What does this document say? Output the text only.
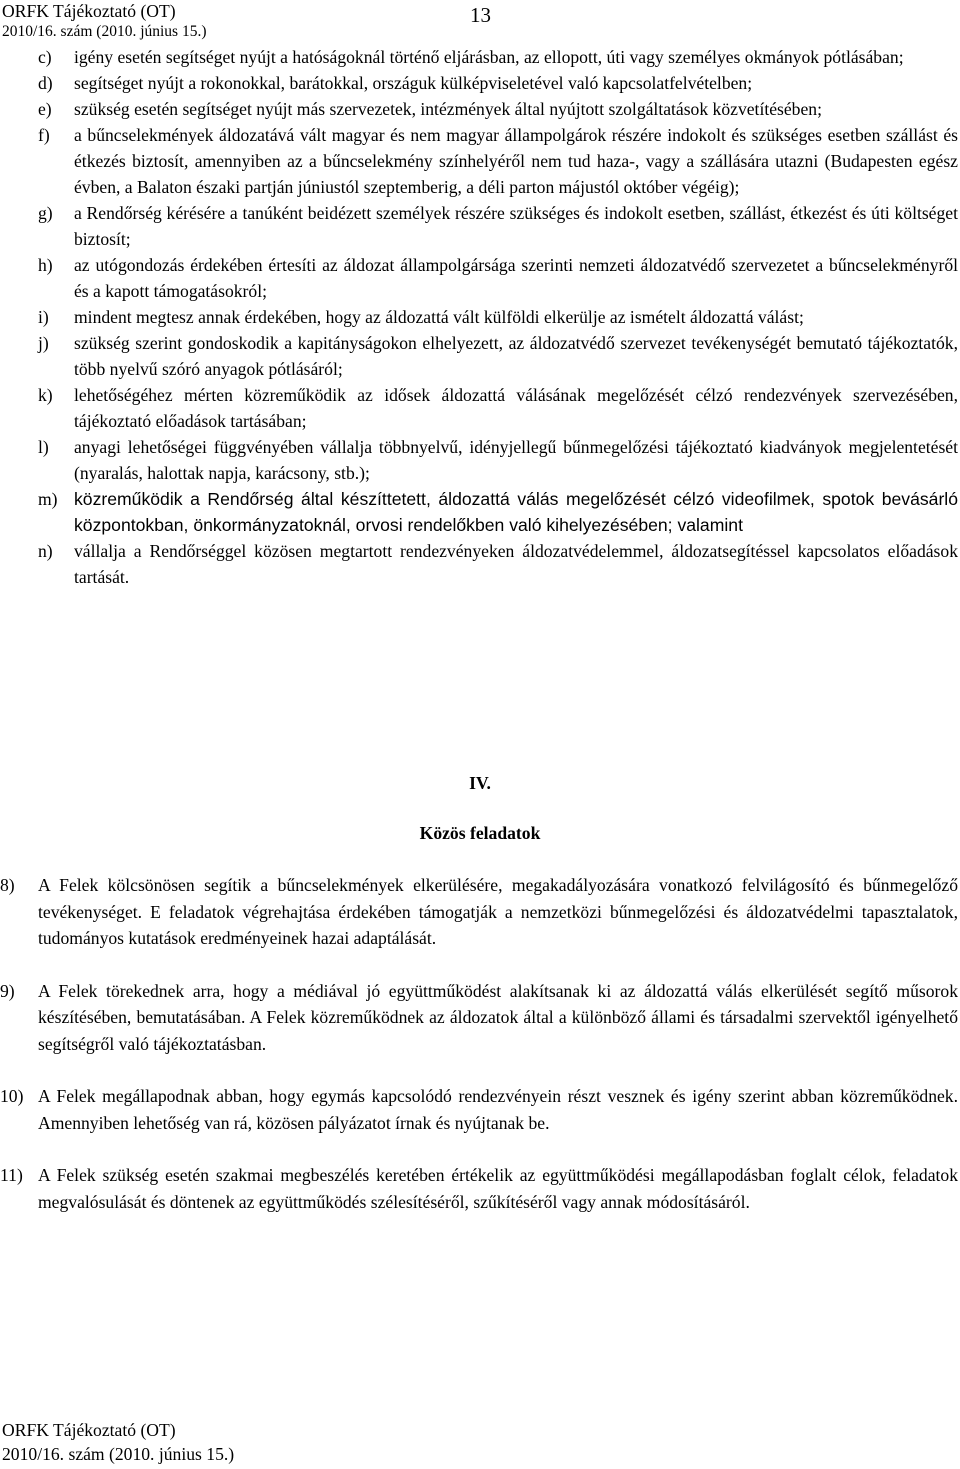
ORFK Tájékoztató (OT)
2010/16. szám (2010. június 15.)
13
c) igény esetén segítséget nyújt a hatóságoknál történő eljárásban, az ellopott, úti vagy személyes okmányok pótlásában;
d) segítséget nyújt a rokonokkal, barátokkal, országuk külképviseletével való kapcsolatfelvételben;
e) szükség esetén segítséget nyújt más szervezetek, intézmények által nyújtott szolgáltatások közvetítésében;
f) a bűncselekmények áldozatává vált magyar és nem magyar állampolgárok részére indokolt és szükséges esetben szállást és étkezés biztosít, amennyiben az a bűncselekmény színhelyéről nem tud haza-, vagy a szállására utazni (Budapesten egész évben, a Balaton északi partján júniustól szeptemberig, a déli parton májustól október végéig);
g) a Rendőrség kérésére a tanúként beidézett személyek részére szükséges és indokolt esetben, szállást, étkezést és úti költséget biztosít;
h) az utógondozás érdekében értesíti az áldozat állampolgársága szerinti nemzeti áldozatvédő szervezetet a bűncselekményről és a kapott támogatásokról;
i) mindent megtesz annak érdekében, hogy az áldozattá vált külföldi elkerülje az ismételt áldozattá válást;
j) szükség szerint gondoskodik a kapitányságokon elhelyezett, az áldozatvédő szervezet tevékenységét bemutató tájékoztatók, több nyelvű szóró anyagok pótlásáról;
k) lehetőségéhez mérten közreműködik az idősek áldozattá válásának megelőzését célzó rendezvények szervezésében, tájékoztató előadások tartásában;
l) anyagi lehetőségei függvényében vállalja többnyelvű, idényjellegű bűnmegelőzési tájékoztató kiadványok megjelentetését (nyaralás, halottak napja, karácsony, stb.);
m) közreműködik a Rendőrség által készíttetett, áldozattá válás megelőzését célzó videofilmek, spotok bevásárló központokban, önkormányzatoknál, orvosi rendelőkben való kihelyezésében; valamint
n) vállalja a Rendőrséggel közösen megtartott rendezvényeken áldozatvédelemmel, áldozatsegítéssel kapcsolatos előadások tartását.
IV.
Közös feladatok
8) A Felek kölcsönösen segítik a bűncselekmények elkerülésére, megakadályozására vonatkozó felvilágosító és bűnmegelőző tevékenységet. E feladatok végrehajtása érdekében támogatják a nemzetközi bűnmegelőzési és áldozatvédelmi tapasztalatok, tudományos kutatások eredményeinek hazai adaptálását.
9) A Felek törekednek arra, hogy a médiával jó együttműködést alakítsanak ki az áldozattá válás elkerülését segítő műsorok készítésében, bemutatásában. A Felek közreműködnek az áldozatok által a különböző állami és társadalmi szervektől igényelhető segítségről való tájékoztatásban.
10) A Felek megállapodnak abban, hogy egymás kapcsolódó rendezvényein részt vesznek és igény szerint abban közreműködnek. Amennyiben lehetőség van rá, közösen pályázatot írnak és nyújtanak be.
11) A Felek szükség esetén szakmai megbeszélés keretében értékelik az együttműködési megállapodásban foglalt célok, feladatok megvalósulását és döntenek az együttműködés szélesítéséről, szűkítéséről vagy annak módosításáról.
ORFK Tájékoztató (OT)
2010/16. szám (2010. június 15.)
